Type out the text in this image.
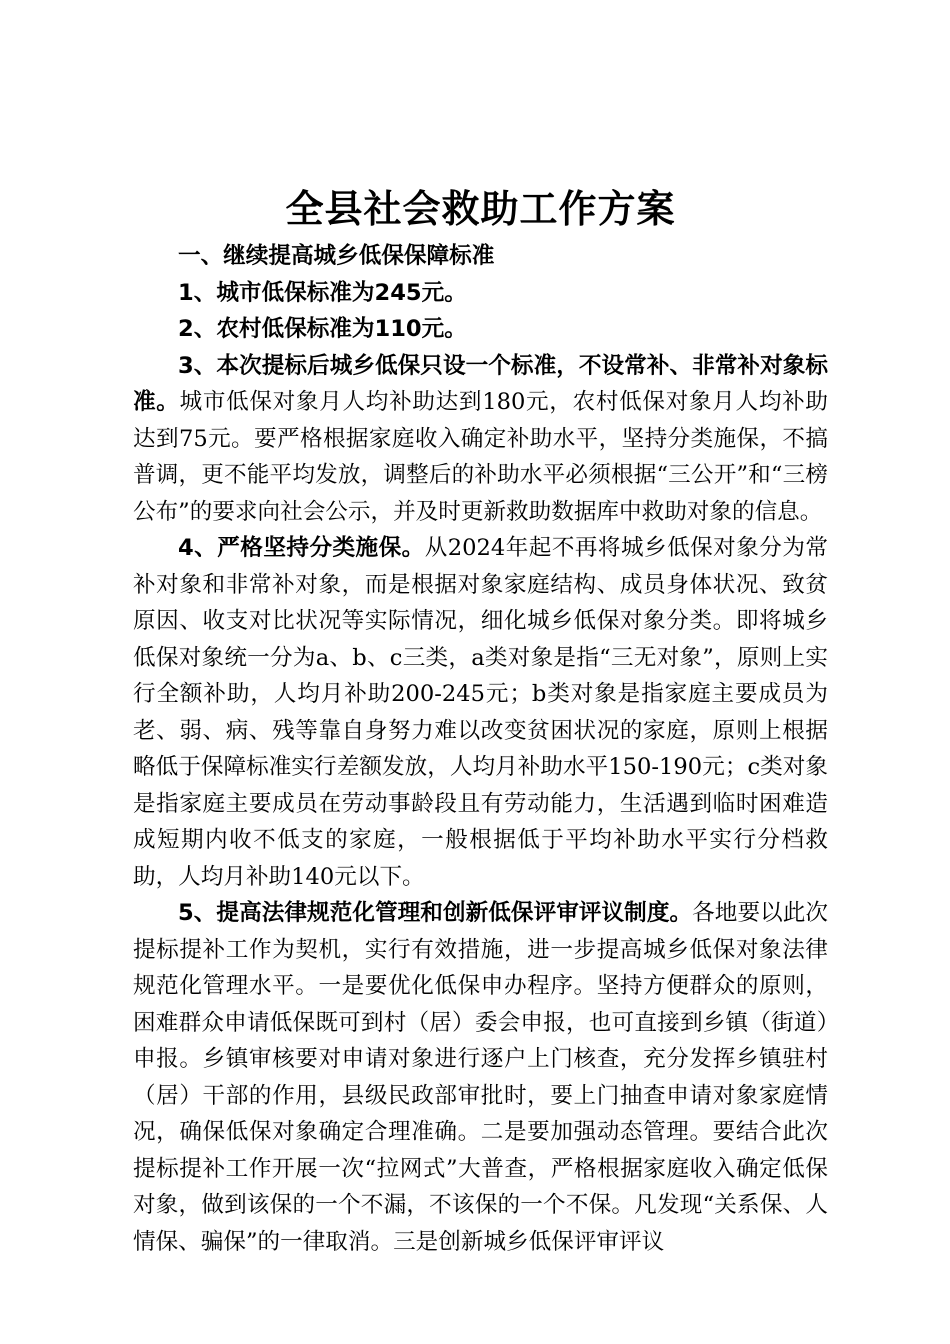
全县社会救助工作方案

一、继续提高城乡低保保障标准

1、城市低保标准为245元。

2、农村低保标准为110元。

3、本次提标后城乡低保只设一个标准，不设常补、非常补对象标准。城市低保对象月人均补助达到180元，农村低保对象月人均补助达到75元。要严格根据家庭收入确定补助水平，坚持分类施保，不搞普调，更不能平均发放，调整后的补助水平必须根据“三公开”和“三榜公布”的要求向社会公示，并及时更新救助数据库中救助对象的信息。

4、严格坚持分类施保。从2024年起不再将城乡低保对象分为常补对象和非常补对象，而是根据对象家庭结构、成员身体状况、致贫原因、收支对比状况等实际情况，细化城乡低保对象分类。即将城乡低保对象统一分为a、b、c三类，a类对象是指“三无对象”，原则上实行全额补助，人均月补助200-245元；b类对象是指家庭主要成员为老、弱、病、残等靠自身努力难以改变贫困状况的家庭，原则上根据略低于保障标准实行差额发放，人均月补助水平150-190元；c类对象是指家庭主要成员在劳动事龄段且有劳动能力，生活遇到临时困难造成短期内收不低支的家庭，一般根据低于平均补助水平实行分档救助，人均月补助140元以下。

5、提高法律规范化管理和创新低保评审评议制度。各地要以此次提标提补工作为契机，实行有效措施，进一步提高城乡低保对象法律规范化管理水平。一是要优化低保申办程序。坚持方便群众的原则，困难群众申请低保既可到村（居）委会申报，也可直接到乡镇（街道）申报。乡镇审核要对申请对象进行逐户上门核查，充分发挥乡镇驻村（居）干部的作用，县级民政部审批时，要上门抽查申请对象家庭情况，确保低保对象确定合理准确。二是要加强动态管理。要结合此次提标提补工作开展一次“拉网式”大普查，严格根据家庭收入确定低保对象，做到该保的一个不漏，不该保的一个不保。凡发现“关系保、人情保、骗保”的一律取消。三是创新城乡低保评审评议
